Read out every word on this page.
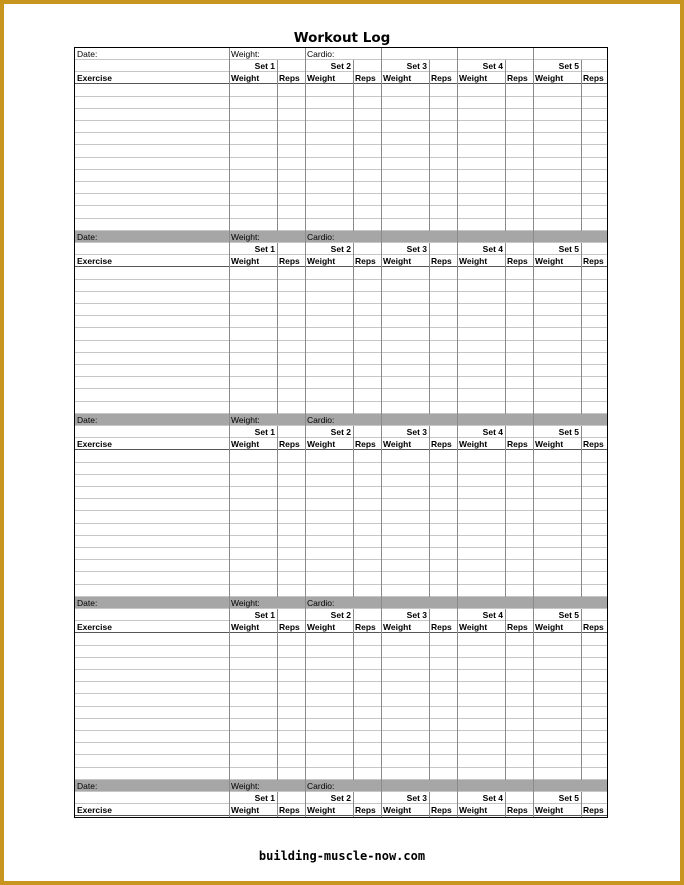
Workout Log
Date:	Weight:	Cardio:
Set 1	Set 2	Set 3	Set 4	Set 5
Exercise	Weight Reps Weight Reps Weight Reps Weight Reps Weight Reps
Date:	Weight:	Cardio:
Set 1	Set 2	Set 3	Set 4	Set 5
Exercise	Weight Reps Weight Reps Weight Reps Weight Reps Weight Reps
Date:	Weight:	Cardio:
Set 1	Set 2	Set 3	Set 4	Set 5
Exercise	Weight Reps Weight Reps Weight Reps Weight Reps Weight Reps
Date:	Weight:	Cardio:
Set 1	Set 2	Set 3	Set 4	Set 5
Exercise	Weight Reps Weight Reps Weight Reps Weight Reps Weight Reps
Date:	Weight:	Cardio:
Set 1	Set 2	Set 3	Set 4	Set 5
Exercise	Weight Reps Weight Reps Weight Reps Weight Reps Weight Reps
building-muscle-now.com
